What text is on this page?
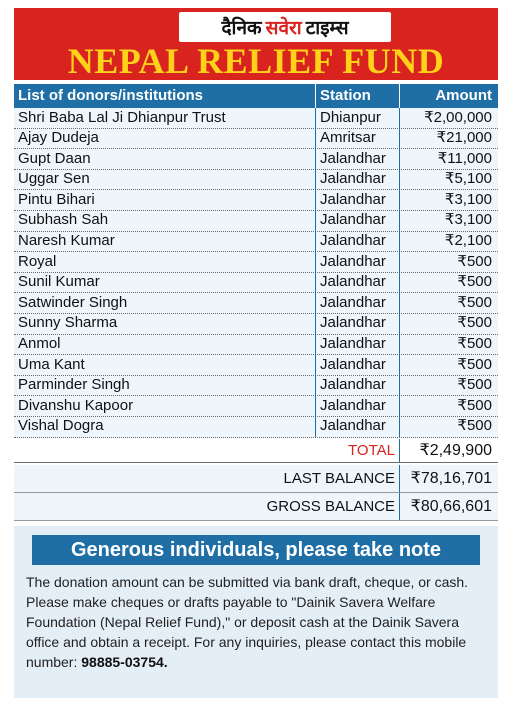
दैनिक सवेरा टाइम्स
NEPAL RELIEF FUND
List of donors/institutions	Station	Amount
Shri Baba Lal Ji Dhianpur Trust	Dhianpur	₹2,00,000
Ajay Dudeja	Amritsar	₹21,000
Gupt Daan	Jalandhar	₹11,000
Uggar Sen	Jalandhar	₹5,100
Pintu Bihari	Jalandhar	₹3,100
Subhash Sah	Jalandhar	₹3,100
Naresh Kumar	Jalandhar	₹2,100
Royal	Jalandhar	₹500
Sunil Kumar	Jalandhar	₹500
Satwinder Singh	Jalandhar	₹500
Sunny Sharma	Jalandhar	₹500
Anmol	Jalandhar	₹500
Uma Kant	Jalandhar	₹500
Parminder Singh	Jalandhar	₹500
Divanshu Kapoor	Jalandhar	₹500
Vishal Dogra	Jalandhar	₹500
TOTAL	₹2,49,900
LAST BALANCE ₹78,16,701
GROSS BALANCE ₹80,66,601
Generous individuals, please take note
The donation amount can be submitted via bank draft, cheque, or cash. Please make cheques or drafts payable to "Dainik Savera Welfare Foundation (Nepal Relief Fund)," or deposit cash at the Dainik Savera office and obtain a receipt. For any inquiries, please contact this mobile number: 98885-03754.
